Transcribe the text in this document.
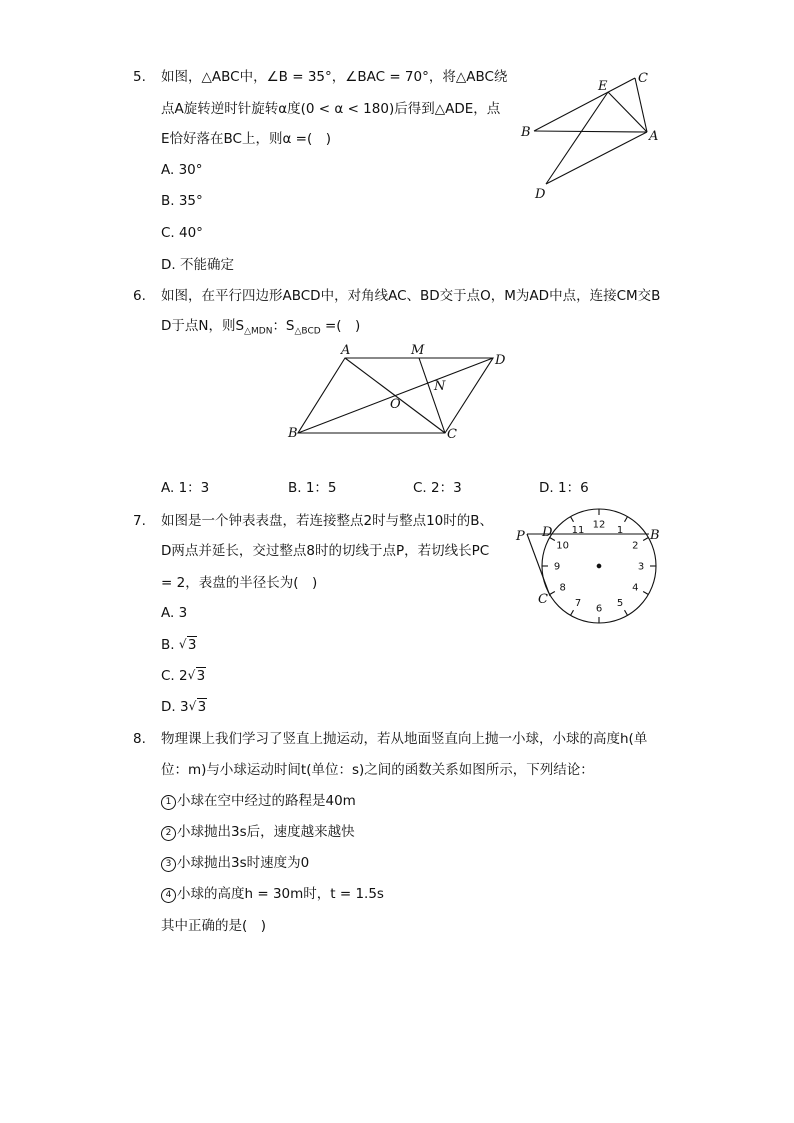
5. 如图，△ABC中，∠B = 35°，∠BAC = 70°，将△ABC绕
点A旋转逆时针旋转α度(0 < α < 180)后得到△ADE，点
E恰好落在BC上，则α =(　)
A. 30°
B. 35°
C. 40°
D. 不能确定
E
C
B	A
D
6. 如图，在平行四边形ABCD中，对角线AC、BD交于点O，M为AD中点，连接CM交B
D于点N，则$S_{\triangle MDN}$：$S_{\triangle BCD}$ =(　)
A	M
D
N
O
B	C
A. 1：3	B. 1：5	C. 2：3	D. 1：6
7. 如图是一个钟表表盘，若连接整点2时与整点10时的B、
D两点并延长，交过整点8时的切线于点P，若切线长PC
= 2，表盘的半径长为(　)
A. 3
B. √ 3
C. 2 √ 3
D. 3 √ 3
12
1
2
3
4
5
6
7
8
9
10
11
P D	B
C
8. 物理课上我们学习了竖直上抛运动，若从地面竖直向上抛一小球，小球的高度h(单
位：m)与小球运动时间t(单位：s)之间的函数关系如图所示，下列结论：
1 小球在空中经过的路程是40m
2 小球抛出3s后，速度越来越快
3 小球抛出3s时速度为0
4 小球的高度h = 30m时，t = 1.5s
其中正确的是(　)
